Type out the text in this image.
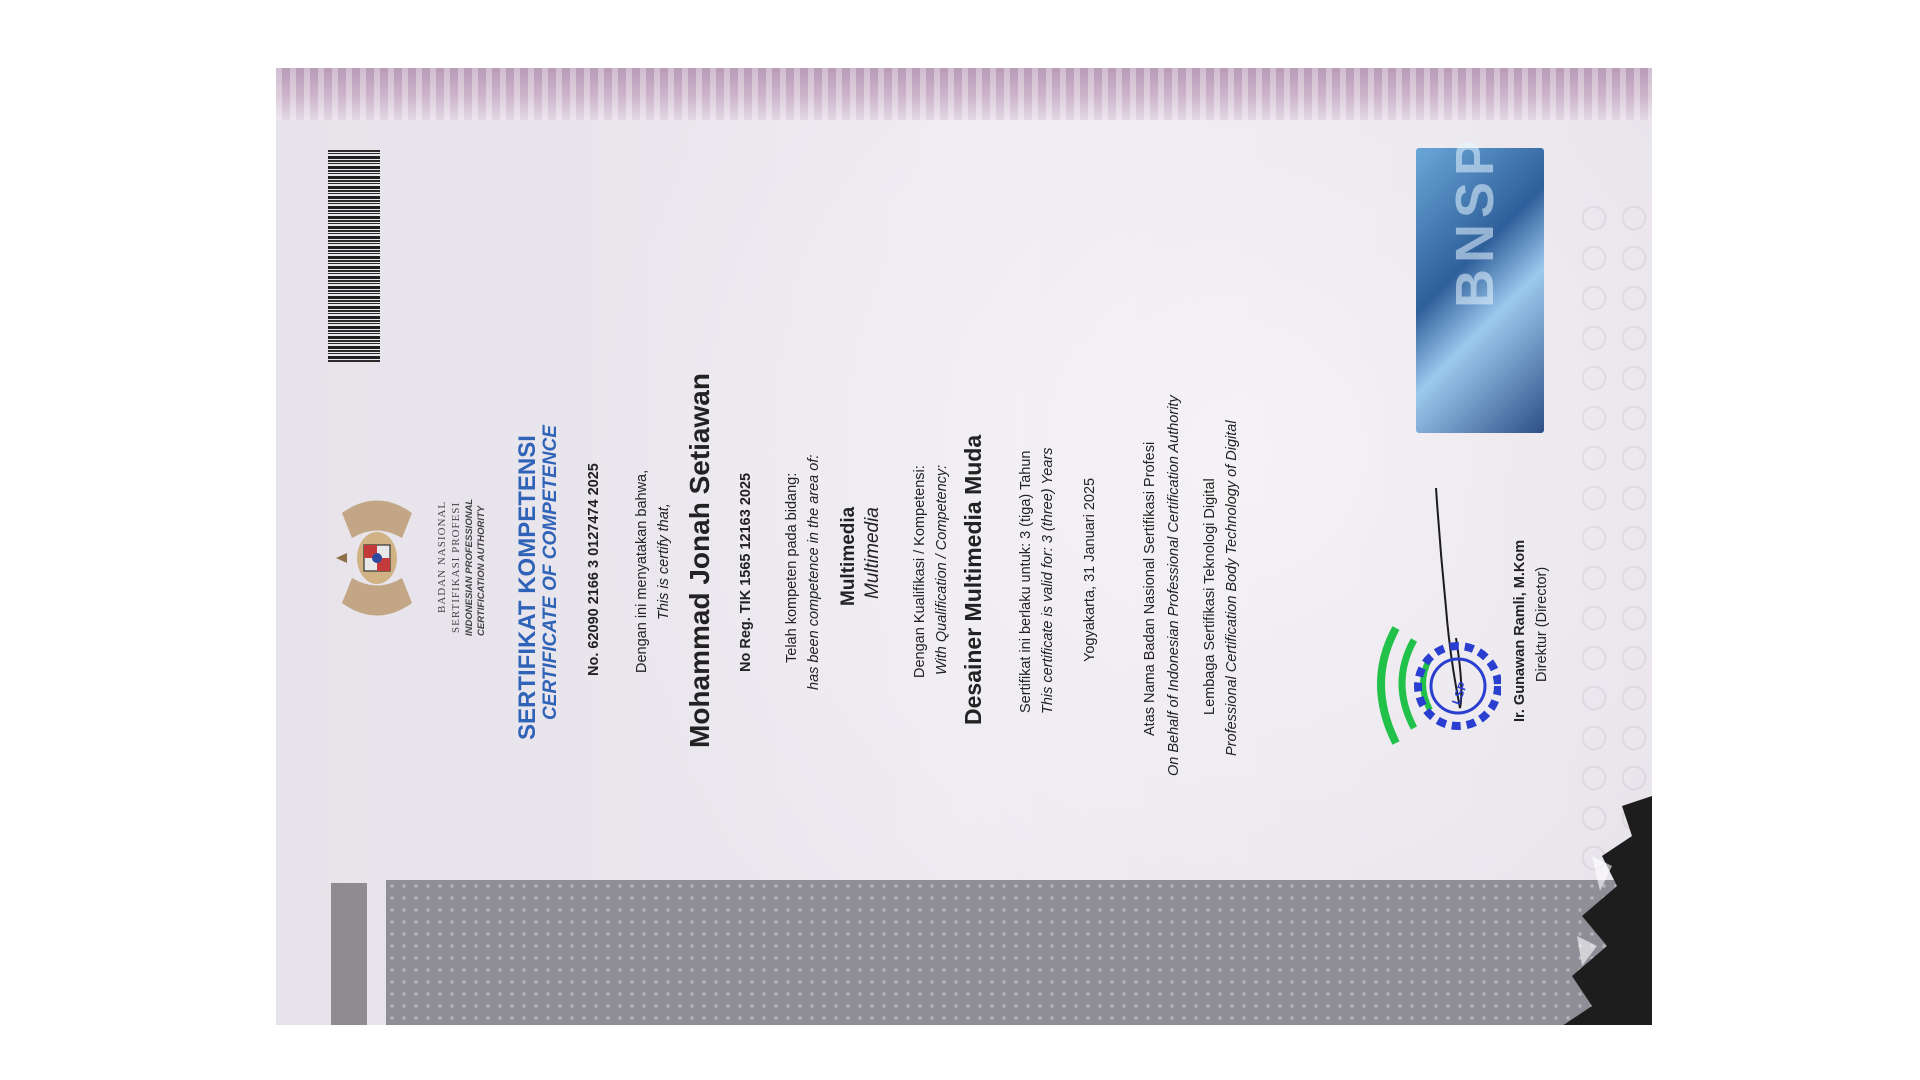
BADAN NASIONAL SERTIFIKASI PROFESI INDONESIAN PROFESSIONAL CERTIFICATION AUTHORITY SERTIFIKAT KOMPETENSI CERTIFICATE OF COMPETENCE No. 62090 2166 3 0127474 2025 Dengan ini menyatakan bahwa, This is certify that, Mohammad Jonah Setiawan No Reg. TIK 1565 12163 2025 Telah kompeten pada bidang: has been competence in the area of: Multimedia Multimedia Dengan Kualifikasi / Kompetensi: With Qualification / Competency: Desainer Multimedia Muda Sertifikat ini berlaku untuk: 3 (tiga) Tahun This certificate is valid for: 3 (three) Years Yogyakarta, 31 Januari 2025	Atas Nama Badan Nasional Sertifikasi Profesi On Behalf of Indonesian Professional Certification Authority Lembaga Sertifikasi Teknologi Digital Professional Certification Body Technology of Digital
BNSP
LSP	Ir. Gunawan Ramli, M.Kom Direktur (Director)
